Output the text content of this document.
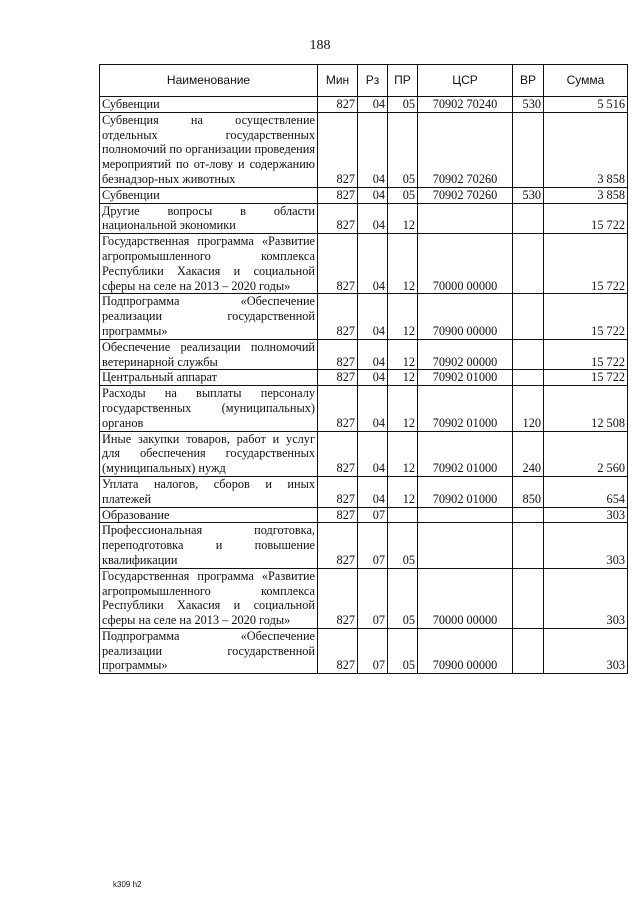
188
Наименование	Мин	Рз	ПР	ЦСР	ВР	Сумма
Субвенции	827	04	05	70902 70240	530	5 516
Субвенция на осуществление отдельных государственных полномочий по организации проведения мероприятий по от-лову и содержанию безнадзор-ных животных	827	04	05	70902 70260		3 858
Субвенции	827	04	05	70902 70260	530	3 858
Другие вопросы в области национальной экономики	827	04	12			15 722
Государственная программа «Развитие агропромышленного комплекса Республики Хакасия и социальной сферы на селе на 2013 – 2020 годы»	827	04	12	70000 00000		15 722
Подпрограмма «Обеспечение реализации государственной программы»	827	04	12	70900 00000		15 722
Обеспечение реализации полномочий ветеринарной службы	827	04	12	70902 00000		15 722
Центральный аппарат	827	04	12	70902 01000		15 722
Расходы на выплаты персоналу государственных (муниципальных) органов	827	04	12	70902 01000	120	12 508
Иные закупки товаров, работ и услуг для обеспечения государственных (муниципальных) нужд	827	04	12	70902 01000	240	2 560
Уплата налогов, сборов и иных платежей	827	04	12	70902 01000	850	654
Образование	827	07				303
Профессиональная подготовка, переподготовка и повышение квалификации	827	07	05			303
Государственная программа «Развитие агропромышленного комплекса Республики Хакасия и социальной сферы на селе на 2013 – 2020 годы»	827	07	05	70000 00000		303
Подпрограмма «Обеспечение реализации государственной программы»	827	07	05	70900 00000		303
k309 h2
